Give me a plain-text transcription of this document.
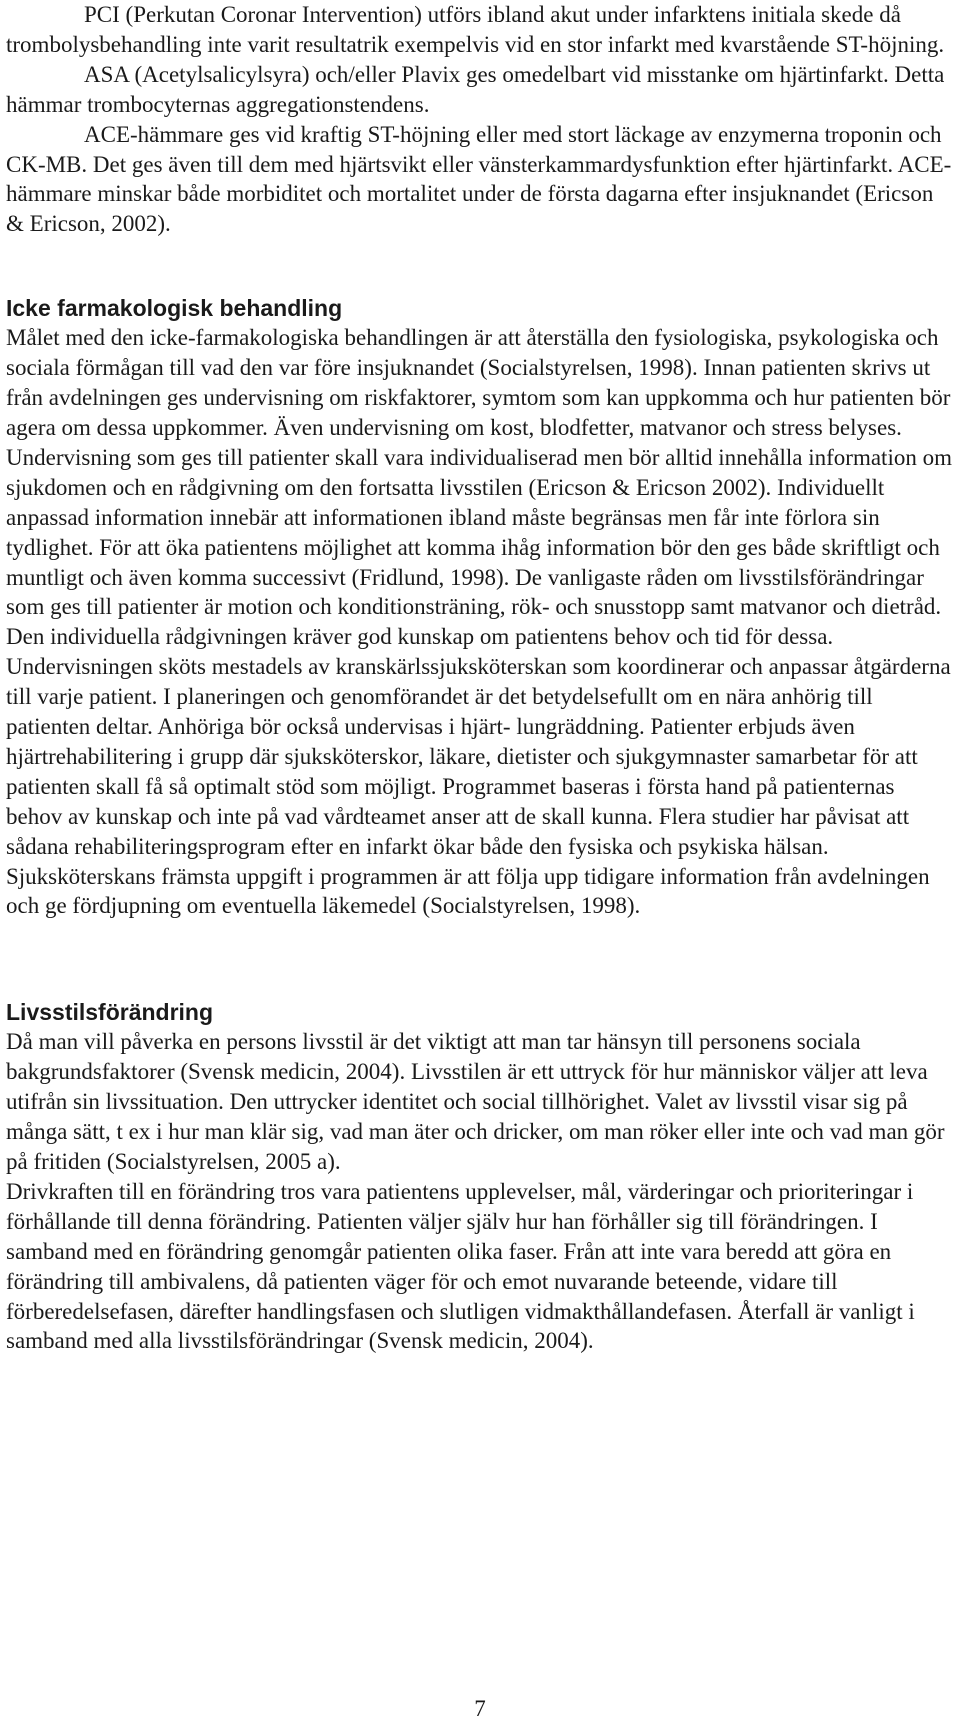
PCI (Perkutan Coronar Intervention) utförs ibland akut under infarktens initiala skede då trombolysbehandling inte varit resultatrik exempelvis vid en stor infarkt med kvarstående ST-höjning.

ASA (Acetylsalicylsyra) och/eller Plavix ges omedelbart vid misstanke om hjärtinfarkt. Detta hämmar trombocyternas aggregationstendens.

ACE-hämmare ges vid kraftig ST-höjning eller med stort läckage av enzymerna troponin och CK-MB. Det ges även till dem med hjärtsvikt eller vänsterkammardysfunktion efter hjärtinfarkt. ACE-hämmare minskar både morbiditet och mortalitet under de första dagarna efter insjuknandet (Ericson & Ericson, 2002).

Icke farmakologisk behandling

Målet med den icke-farmakologiska behandlingen är att återställa den fysiologiska, psykologiska och sociala förmågan till vad den var före insjuknandet (Socialstyrelsen, 1998). Innan patienten skrivs ut från avdelningen ges undervisning om riskfaktorer, symtom som kan uppkomma och hur patienten bör agera om dessa uppkommer. Även undervisning om kost, blodfetter, matvanor och stress belyses. Undervisning som ges till patienter skall vara individualiserad men bör alltid innehålla information om sjukdomen och en rådgivning om den fortsatta livsstilen (Ericson & Ericson 2002). Individuellt anpassad information innebär att informationen ibland måste begränsas men får inte förlora sin tydlighet. För att öka patientens möjlighet att komma ihåg information bör den ges både skriftligt och muntligt och även komma successivt (Fridlund, 1998). De vanligaste råden om livsstilsförändringar som ges till patienter är motion och konditionsträning, rök- och snusstopp samt matvanor och dietråd. Den individuella rådgivningen kräver god kunskap om patientens behov och tid för dessa. Undervisningen sköts mestadels av kranskärlssjuksköterskan som koordinerar och anpassar åtgärderna till varje patient. I planeringen och genomförandet är det betydelsefullt om en nära anhörig till patienten deltar. Anhöriga bör också undervisas i hjärt- lungräddning. Patienter erbjuds även hjärtrehabilitering i grupp där sjuksköterskor, läkare, dietister och sjukgymnaster samarbetar för att patienten skall få så optimalt stöd som möjligt. Programmet baseras i första hand på patienternas behov av kunskap och inte på vad vårdteamet anser att de skall kunna. Flera studier har påvisat att sådana rehabiliteringsprogram efter en infarkt ökar både den fysiska och psykiska hälsan. Sjuksköterskans främsta uppgift i programmen är att följa upp tidigare information från avdelningen och ge fördjupning om eventuella läkemedel (Socialstyrelsen, 1998).

Livsstilsförändring

Då man vill påverka en persons livsstil är det viktigt att man tar hänsyn till personens sociala bakgrundsfaktorer (Svensk medicin, 2004). Livsstilen är ett uttryck för hur människor väljer att leva utifrån sin livssituation. Den uttrycker identitet och social tillhörighet. Valet av livsstil visar sig på många sätt, t ex i hur man klär sig, vad man äter och dricker, om man röker eller inte och vad man gör på fritiden (Socialstyrelsen, 2005 a).

Drivkraften till en förändring tros vara patientens upplevelser, mål, värderingar och prioriteringar i förhållande till denna förändring. Patienten väljer själv hur han förhåller sig till förändringen. I samband med en förändring genomgår patienten olika faser. Från att inte vara beredd att göra en förändring till ambivalens, då patienten väger för och emot nuvarande beteende, vidare till förberedelsefasen, därefter handlingsfasen och slutligen vidmakthållandefasen. Återfall är vanligt i samband med alla livsstilsförändringar (Svensk medicin, 2004).

7
